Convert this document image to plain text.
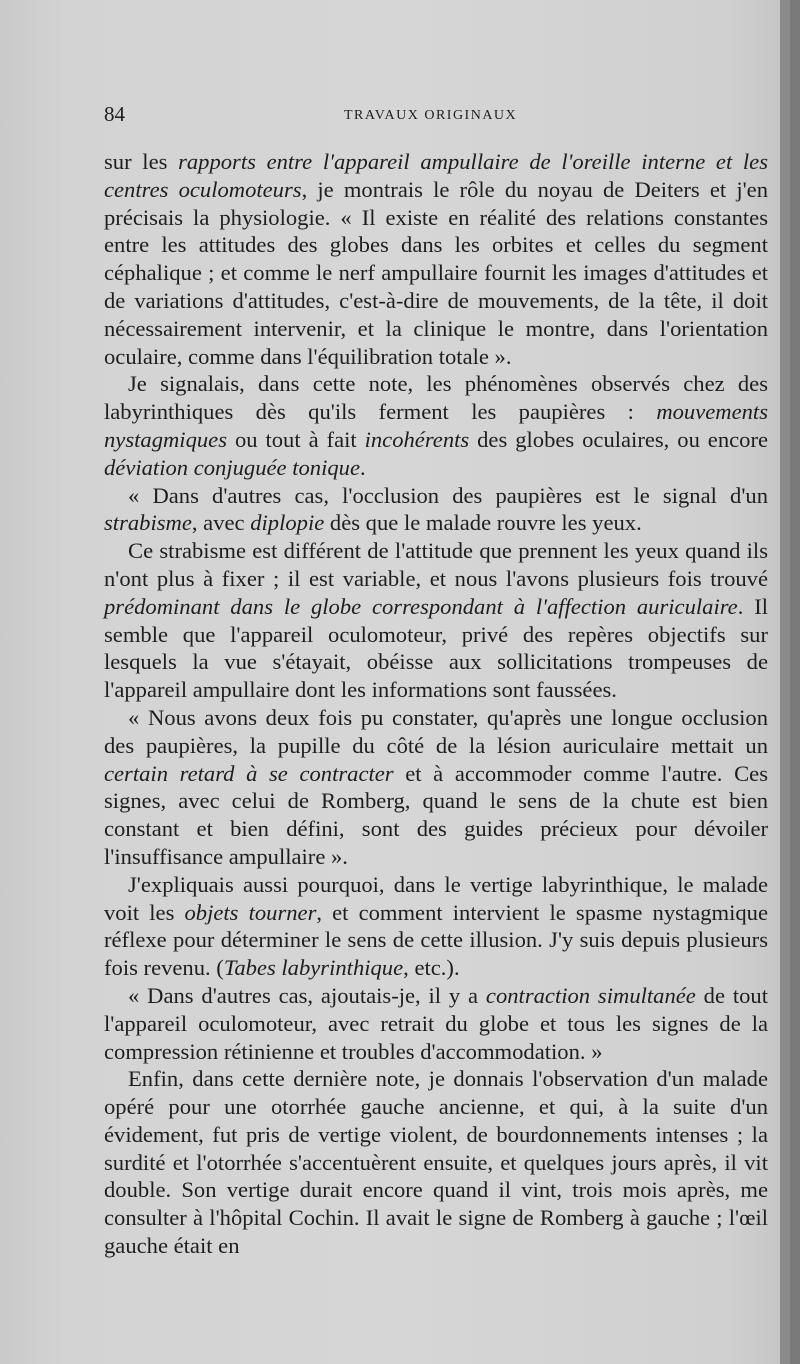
84	TRAVAUX ORIGINAUX

sur les rapports entre l'appareil ampullaire de l'oreille interne et les centres oculomoteurs, je montrais le rôle du noyau de Deiters et j'en précisais la physiologie. « Il existe en réalité des relations constantes entre les attitudes des globes dans les orbites et celles du segment céphalique ; et comme le nerf ampullaire fournit les images d'attitudes et de variations d'attitudes, c'est-à-dire de mouvements, de la tête, il doit nécessairement intervenir, et la clinique le montre, dans l'orientation oculaire, comme dans l'équilibration totale ».

Je signalais, dans cette note, les phénomènes observés chez des labyrinthiques dès qu'ils ferment les paupières : mouvements nystagmiques ou tout à fait incohérents des globes oculaires, ou encore déviation conjuguée tonique.

« Dans d'autres cas, l'occlusion des paupières est le signal d'un strabisme, avec diplopie dès que le malade rouvre les yeux.

Ce strabisme est différent de l'attitude que prennent les yeux quand ils n'ont plus à fixer ; il est variable, et nous l'avons plusieurs fois trouvé prédominant dans le globe correspondant à l'affection auriculaire. Il semble que l'appareil oculomoteur, privé des repères objectifs sur lesquels la vue s'étayait, obéisse aux sollicitations trompeuses de l'appareil ampullaire dont les informations sont faussées.

« Nous avons deux fois pu constater, qu'après une longue occlusion des paupières, la pupille du côté de la lésion auriculaire mettait un certain retard à se contracter et à accommoder comme l'autre. Ces signes, avec celui de Romberg, quand le sens de la chute est bien constant et bien défini, sont des guides précieux pour dévoiler l'insuffisance ampullaire ».

J'expliquais aussi pourquoi, dans le vertige labyrinthique, le malade voit les objets tourner, et comment intervient le spasme nystagmique réflexe pour déterminer le sens de cette illusion. J'y suis depuis plusieurs fois revenu. (Tabes labyrinthique, etc.).

« Dans d'autres cas, ajoutais-je, il y a contraction simultanée de tout l'appareil oculomoteur, avec retrait du globe et tous les signes de la compression rétinienne et troubles d'accommodation. »

Enfin, dans cette dernière note, je donnais l'observation d'un malade opéré pour une otorrhée gauche ancienne, et qui, à la suite d'un évidement, fut pris de vertige violent, de bourdonnements intenses ; la surdité et l'otorrhée s'accentuèrent ensuite, et quelques jours après, il vit double. Son vertige durait encore quand il vint, trois mois après, me consulter à l'hôpital Cochin. Il avait le signe de Romberg à gauche ; l'œil gauche était en
